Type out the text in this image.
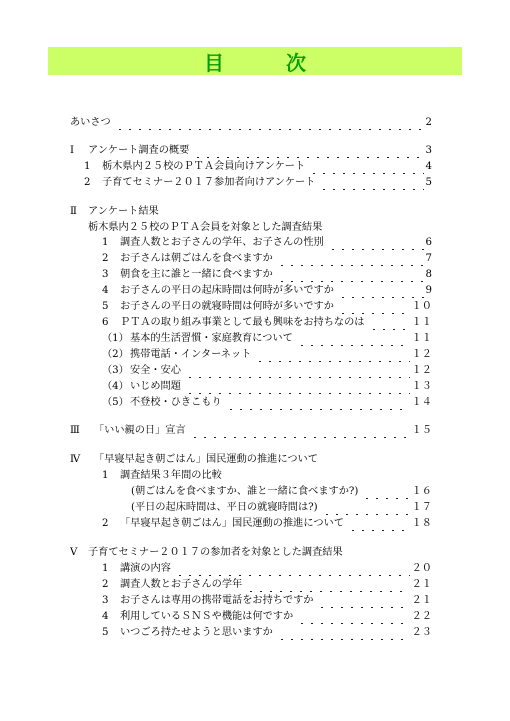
目	次
あいさつ	2
Ⅰ	アンケート調査の概要	3
1	栃木県内２５校のＰＴＡ会員向けアンケート	4
2	子育てセミナー２０１７参加者向けアンケート	5
Ⅱ	アンケート結果
栃木県内２５校のＰＴＡ会員を対象とした調査結果
1	調査人数とお子さんの学年、お子さんの性別	6
2	お子さんは朝ごはんを食べますか	7
3	朝食を主に誰と一緒に食べますか	8
4	お子さんの平日の起床時間は何時が多いですか	9
5	お子さんの平日の就寝時間は何時が多いですか	１０
6	ＰＴＡの取り組み事業として最も興味をお持ちなのは	１１
（1） 基本的生活習慣・家庭教育について	１１
（2） 携帯電話・インターネット	１２
（3） 安全・安心	１２
（4） いじめ問題	１３
（5） 不登校・ひきこもり	１４
Ⅲ	「いい親の日」宣言	１５
Ⅳ	「早寝早起き朝ごはん」国民運動の推進について
1	調査結果３年間の比較
(朝ごはんを食べますか、誰と一緒に食べますか?)	１６
(平日の起床時間は、平日の就寝時間は?)	１７
2	「早寝早起き朝ごはん」国民運動の推進について	１８
Ⅴ	子育てセミナー２０１７の参加者を対象とした調査結果
1	講演の内容	２０
2	調査人数とお子さんの学年	２１
3	お子さんは専用の携帯電話をお持ちですか	２１
4	利用しているＳＮＳや機能は何ですか	２２
5	いつごろ持たせようと思いますか	２３
